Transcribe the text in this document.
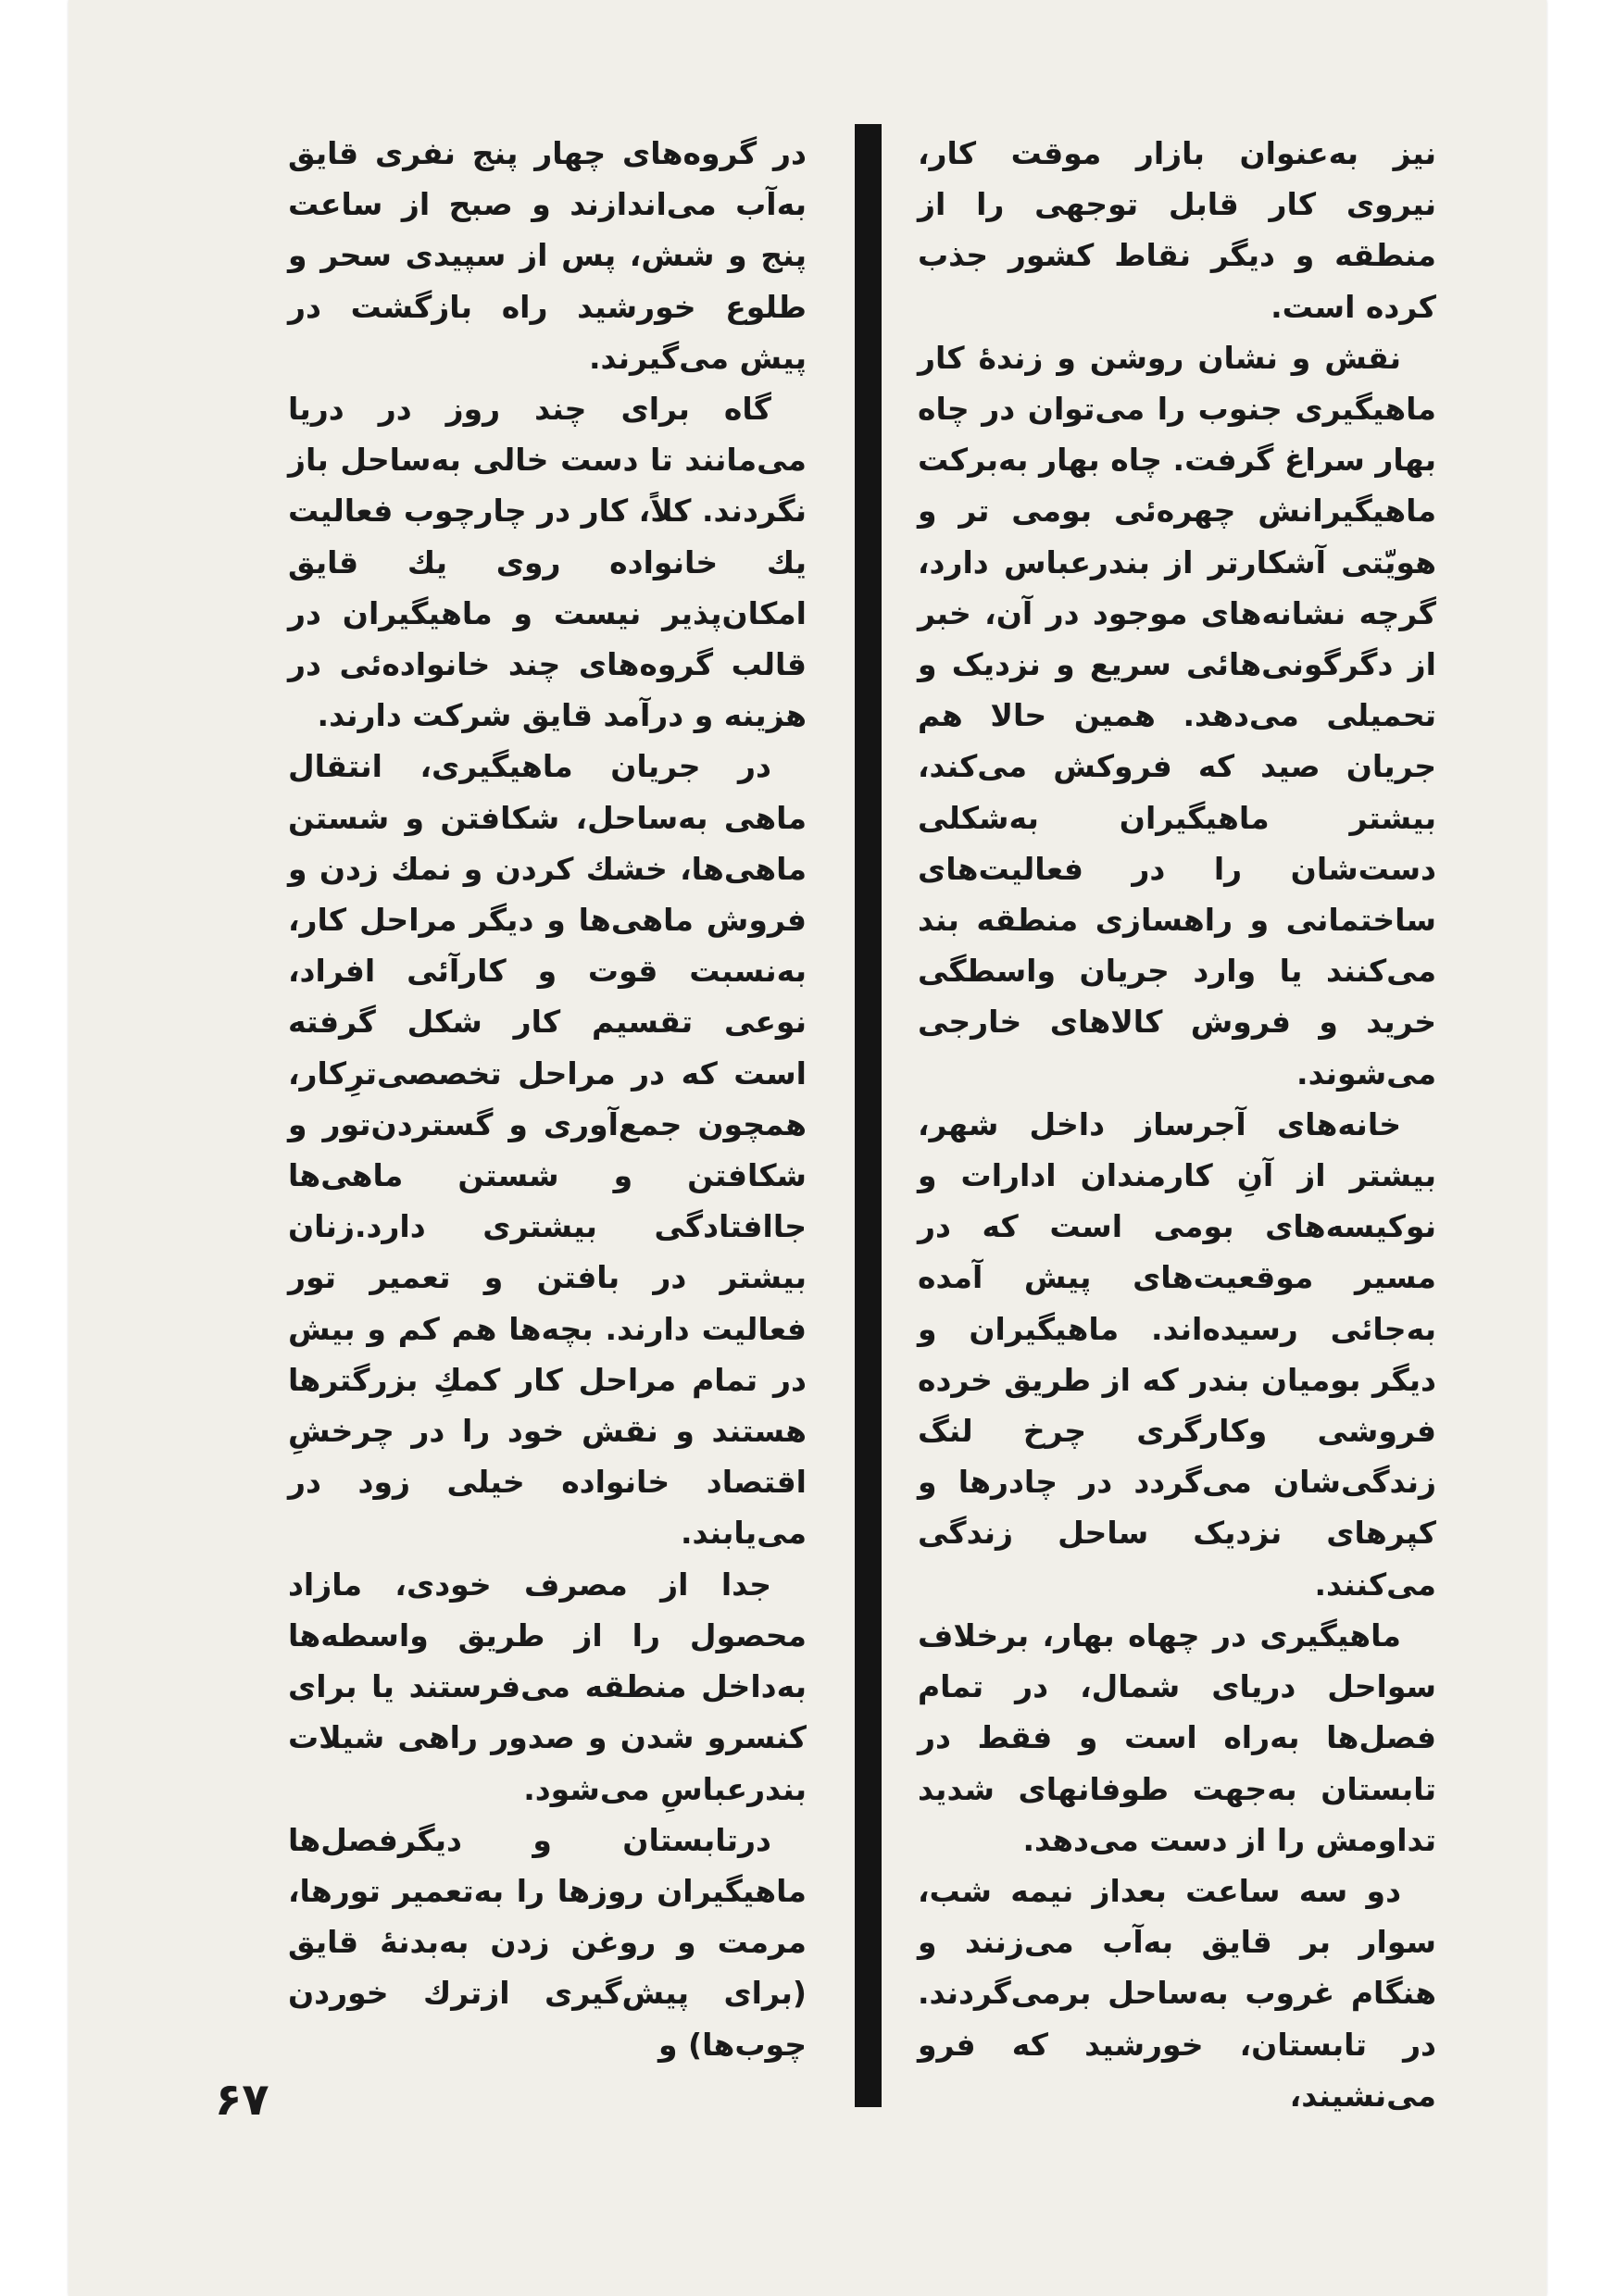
نیز به‌عنوان بازار موقت کار، نیروی کار قابل توجهی را از منطقه و دیگر نقاط کشور جذب کرده است.

نقش و نشان روشن و زندهٔ کار ماهیگیری جنوب را می‌توان در چاه بهار سراغ گرفت. چاه بهار به‌برکت ماهیگیرانش چهره‌ئی بومی تر و هویّتی آشکارتر از بندرعباس دارد، گرچه نشانه‌های موجود در آن، خبر از دگرگونی‌هائی سریع و نزدیک و تحمیلی می‌دهد. همین حالا هم جریان صید که فروکش می‌کند، بیشتر ماهیگیران به‌شکلی دست‌شان را در فعالیت‌های ساختمانی و راهسازی منطقه بند می‌کنند یا وارد جریان واسطگی خرید و فروش کالاهای خارجی می‌شوند.

خانه‌های آجرساز داخل شهر، بیشتر از آنِ کارمندان ادارات و نوکیسه‌های بومی است که در مسیر موقعیت‌های پیش آمده به‌جائی رسیده‌اند. ماهیگیران و دیگر بومیان بندر که از طریق خرده فروشی وکارگری چرخ لنگ زندگی‌شان می‌گردد در چادرها و کپرهای نزدیک ساحل زندگی می‌کنند.

ماهیگیری در چهاه بهار، برخلاف سواحل دریای شمال، در تمام فصل‌ها به‌راه است و فقط در تابستان به‌جهت طوفانهای شدید تداومش را از دست می‌دهد.

دو سه ساعت بعداز نیمه شب، سوار بر قایق به‌آب می‌زنند و هنگام غروب به‌ساحل برمی‌گردند. در تابستان، خورشید که فرو می‌نشیند،

در گروه‌های چهار پنج نفری قایق به‌آب می‌اندازند و صبح از ساعت پنج و شش، پس از سپیدی سحر و طلوع خورشید راه بازگشت در پیش می‌گیرند.

گاه برای چند روز در دریا می‌مانند تا دست خالی به‌ساحل باز نگردند. کلاً، کار در چارچوب فعالیت یك خانواده روی یك قایق امکان‌پذیر نیست و ماهیگیران در قالب گروه‌های چند خانواده‌ئی در هزینه و درآمد قایق شرکت دارند.

در جریان ماهیگیری، انتقال ماهی به‌ساحل، شکافتن و شستن ماهی‌ها، خشك کردن و نمك زدن و فروش ماهی‌ها و دیگر مراحل کار، به‌نسبت قوت و کارآئی افراد، نوعی تقسیم کار شکل گرفته است که در مراحل تخصصی‌ترِکار، همچون جمع‌آوری و گستردن‌تور و شکافتن و شستن ماهی‌ها جاافتادگی بیشتری دارد.زنان بیشتر در بافتن و تعمیر تور فعالیت دارند. بچه‌ها هم کم و بیش در تمام مراحل کار کمكِ بزرگترها هستند و نقش خود را در چرخشِ اقتصاد خانواده خیلی زود در می‌یابند.

جدا از مصرف خودی، مازاد محصول را از طریق واسطه‌ها به‌داخل منطقه می‌فرستند یا برای کنسرو شدن و صدور راهی شیلات بندرعباسِ می‌شود.

درتابستان و دیگرفصل‌ها ماهیگیران روزها را به‌تعمیر تورها، مرمت و روغن زدن به‌بدنهٔ قایق (برای پیش‌گیری ازترك خوردن چوب‌ها) و

۶۷
